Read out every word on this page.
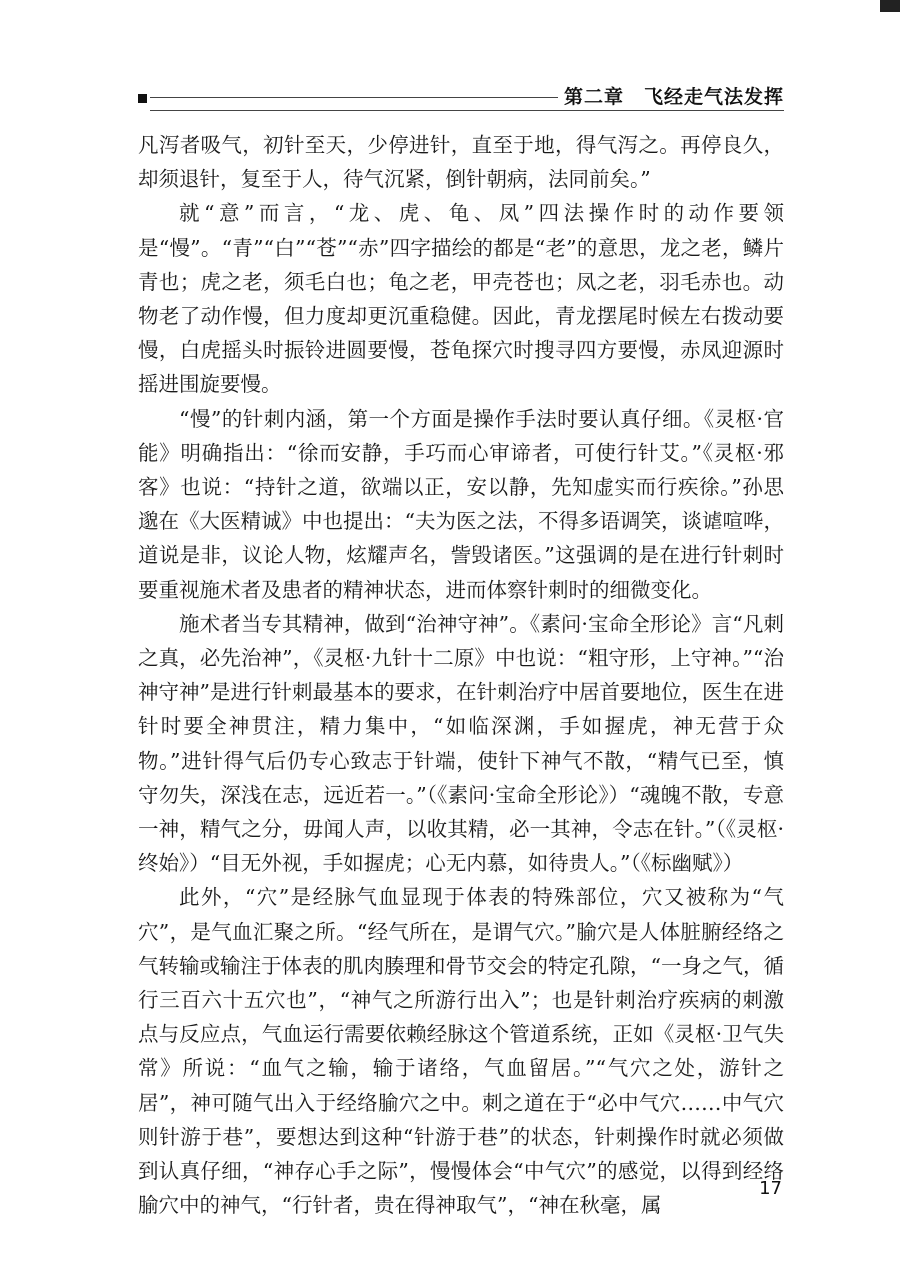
第二章　飞经走气法发挥

凡泻者吸气，初针至天，少停进针，直至于地，得气泻之。再停良久，却须退针，复至于人，待气沉紧，倒针朝病，法同前矣。”

就“意”而言，“龙、虎、龟、凤”四法操作时的动作要领是“慢”。“青”“白”“苍”“赤”四字描绘的都是“老”的意思，龙之老，鳞片青也；虎之老，须毛白也；龟之老，甲壳苍也；凤之老，羽毛赤也。动物老了动作慢，但力度却更沉重稳健。因此，青龙摆尾时候左右拨动要慢，白虎摇头时振铃进圆要慢，苍龟探穴时搜寻四方要慢，赤凤迎源时摇进围旋要慢。

“慢”的针刺内涵，第一个方面是操作手法时要认真仔细。《灵枢·官能》明确指出：“徐而安静，手巧而心审谛者，可使行针艾。”《灵枢·邪客》也说：“持针之道，欲端以正，安以静，先知虚实而行疾徐。”孙思邈在《大医精诚》中也提出：“夫为医之法，不得多语调笑，谈谑喧哗，道说是非，议论人物，炫耀声名，訾毁诸医。”这强调的是在进行针刺时要重视施术者及患者的精神状态，进而体察针刺时的细微变化。

施术者当专其精神，做到“治神守神”。《素问·宝命全形论》言“凡刺之真，必先治神”，《灵枢·九针十二原》中也说：“粗守形，上守神。”“治神守神”是进行针刺最基本的要求，在针刺治疗中居首要地位，医生在进针时要全神贯注，精力集中，“如临深渊，手如握虎，神无营于众物。”进针得气后仍专心致志于针端，使针下神气不散，“精气已至，慎守勿失，深浅在志，远近若一。”（《素问·宝命全形论》）“魂魄不散，专意一神，精气之分，毋闻人声，以收其精，必一其神，令志在针。”（《灵枢·终始》）“目无外视，手如握虎；心无内慕，如待贵人。”（《标幽赋》）

此外，“穴”是经脉气血显现于体表的特殊部位，穴又被称为“气穴”，是气血汇聚之所。“经气所在，是谓气穴。”腧穴是人体脏腑经络之气转输或输注于体表的肌肉腠理和骨节交会的特定孔隙，“一身之气，循行三百六十五穴也”，“神气之所游行出入”；也是针刺治疗疾病的刺激点与反应点，气血运行需要依赖经脉这个管道系统，正如《灵枢·卫气失常》所说：“血气之输，输于诸络，气血留居。”“气穴之处，游针之居”，神可随气出入于经络腧穴之中。刺之道在于“必中气穴……中气穴则针游于巷”，要想达到这种“针游于巷”的状态，针刺操作时就必须做到认真仔细，“神存心手之际”，慢慢体会“中气穴”的感觉，以得到经络腧穴中的神气，“行针者，贵在得神取气”，“神在秋毫，属

17
